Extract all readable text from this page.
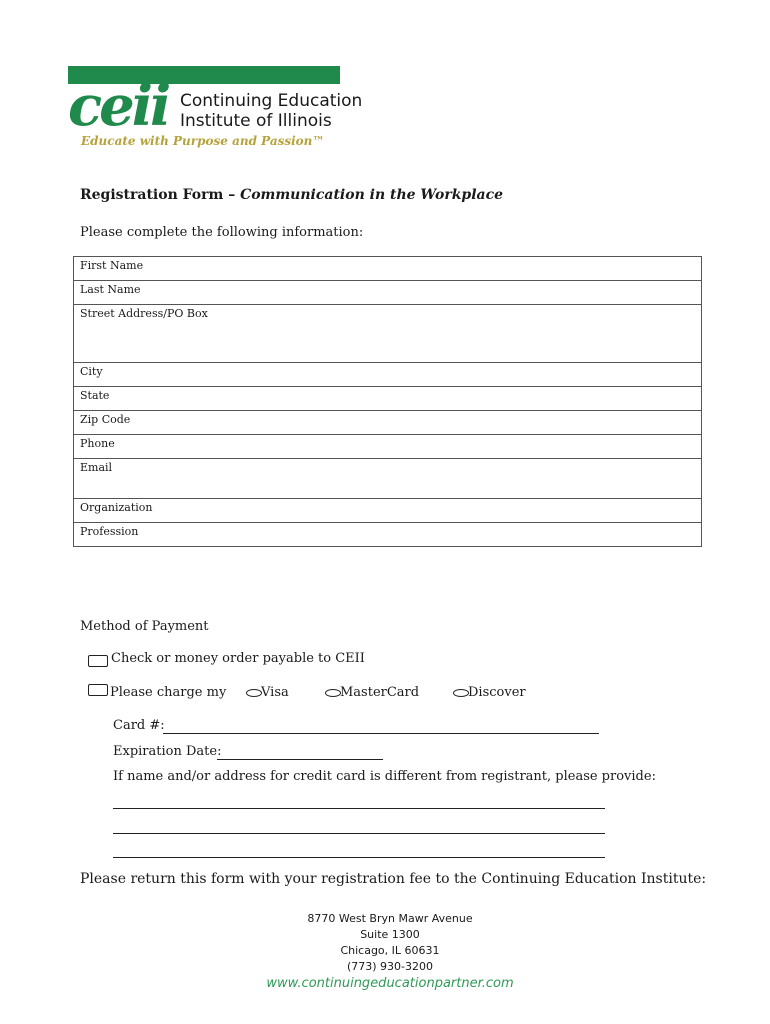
ceii Continuing Education
Institute of Illinois
Educate with Purpose and Passion™
Registration Form – Communication in the Workplace
Please complete the following information:
First Name
Last Name
Street Address/PO Box
City
State
Zip Code
Phone
Email
Organization
Profession
Method of Payment
Check or money order payable to CEII
Please charge my	Visa	MasterCard	Discover
Card #:
Expiration Date:
If name and/or address for credit card is different from registrant, please provide:
Please return this form with your registration fee to the Continuing Education Institute:
8770 West Bryn Mawr Avenue
Suite 1300
Chicago, IL 60631
(773) 930-3200
www.continuingeducationpartner.com
